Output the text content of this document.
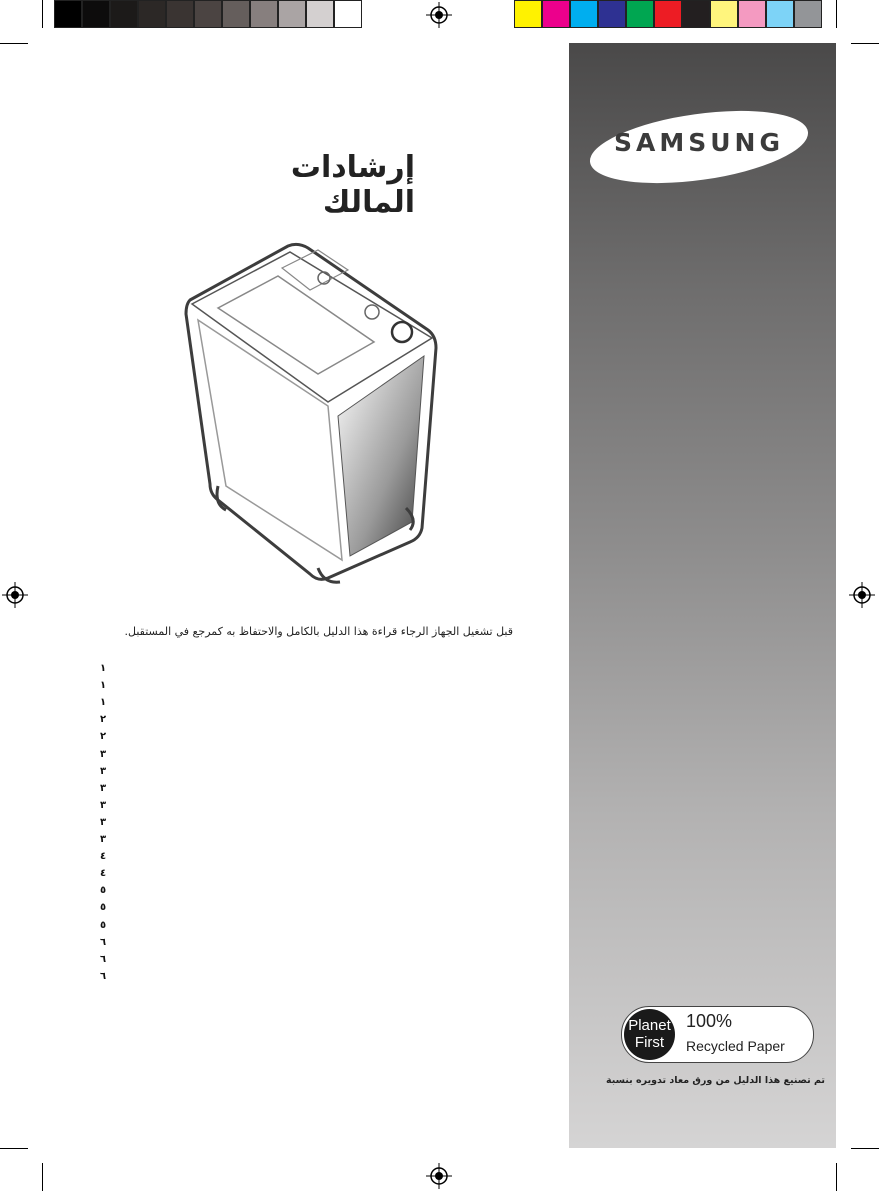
SAMSUNG
إرشادات المالك
قبل تشغيل الجهاز الرجاء قراءة هذا الدليل بالكامل والاحتفاظ به كمرجع في المستقبل.
١
١
١
٢
٢
٣
٣
٣
٣
٣
٣
٤
٤
٥
٥
٥
٦
٦
٦
Planet
First
100%
Recycled Paper
تم تصنيع هذا الدليل من ورق معاد تدويره بنسبة
